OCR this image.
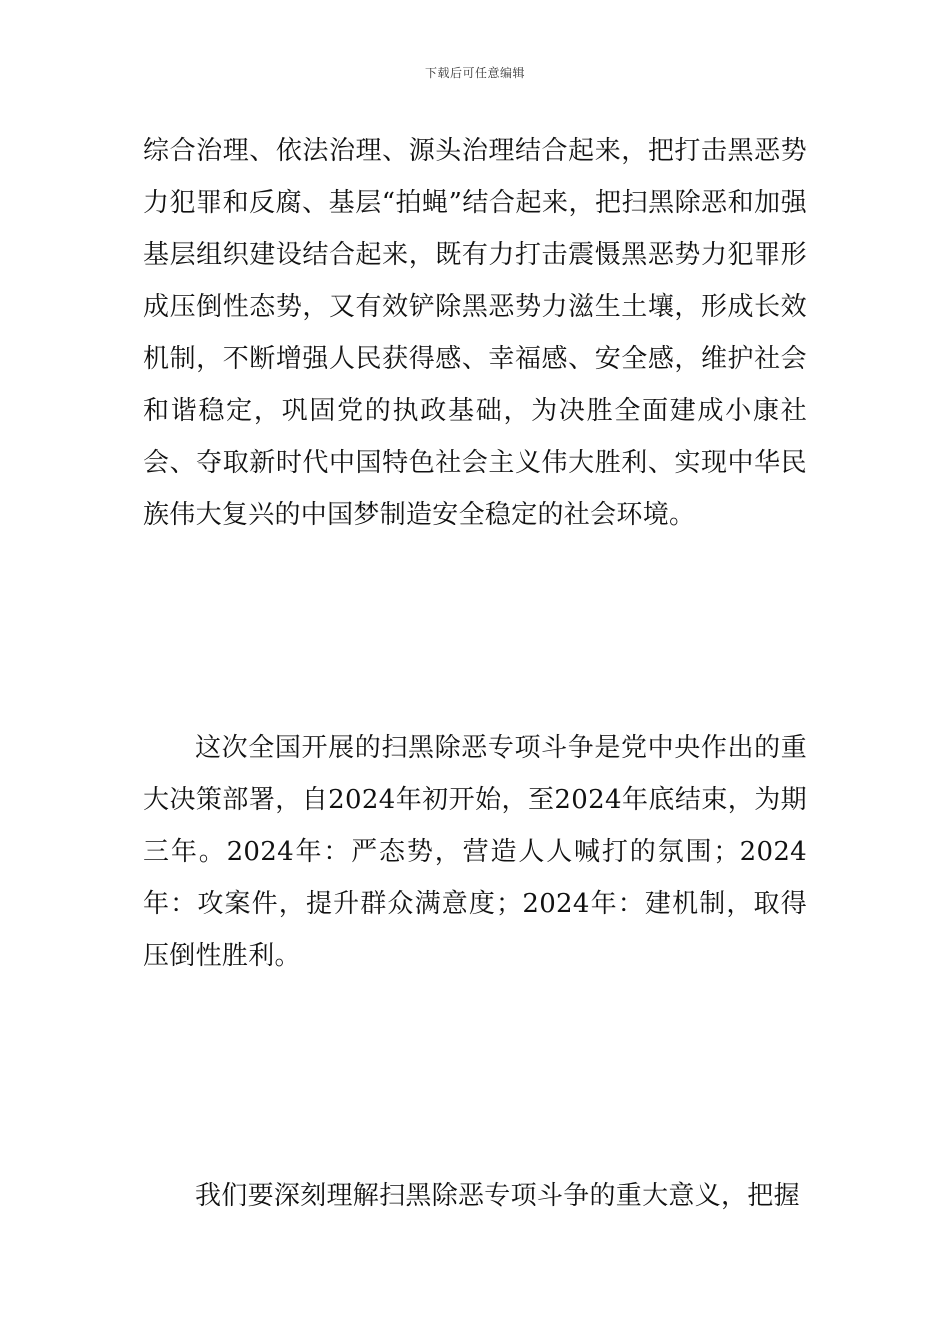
下载后可任意编辑

综合治理、依法治理、源头治理结合起来，把打击黑恶势力犯罪和反腐、基层“拍蝇”结合起来，把扫黑除恶和加强基层组织建设结合起来，既有力打击震慑黑恶势力犯罪形成压倒性态势，又有效铲除黑恶势力滋生土壤，形成长效机制，不断增强人民获得感、幸福感、安全感，维护社会和谐稳定，巩固党的执政基础，为决胜全面建成小康社会、夺取新时代中国特色社会主义伟大胜利、实现中华民族伟大复兴的中国梦制造安全稳定的社会环境。

这次全国开展的扫黑除恶专项斗争是党中央作出的重大决策部署，自2024年初开始，至2024年底结束，为期三年。2024年：严态势，营造人人喊打的氛围；2024年：攻案件，提升群众满意度；2024年：建机制，取得压倒性胜利。

我们要深刻理解扫黑除恶专项斗争的重大意义，把握
